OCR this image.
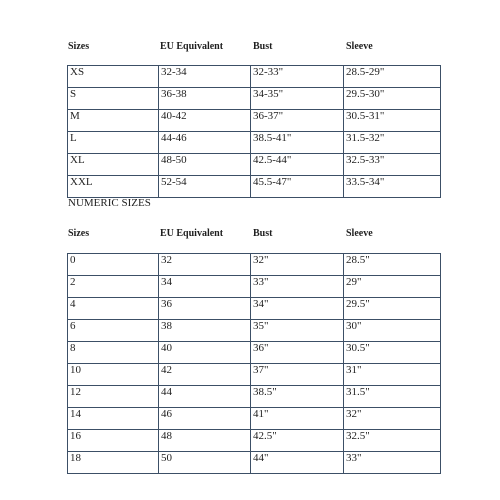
Sizes	EU Equivalent	Bust	Sleeve
XS	32-34	32-33"	28.5-29"
S	36-38	34-35"	29.5-30"
M	40-42	36-37"	30.5-31"
L	44-46	38.5-41"	31.5-32"
XL	48-50	42.5-44"	32.5-33"
XXL	52-54	45.5-47"	33.5-34"
NUMERIC SIZES
Sizes	EU Equivalent	Bust	Sleeve
0	32	32"	28.5"
2	34	33"	29"
4	36	34"	29.5"
6	38	35"	30"
8	40	36"	30.5"
10	42	37"	31"
12	44	38.5"	31.5"
14	46	41"	32"
16	48	42.5"	32.5"
18	50	44"	33"
